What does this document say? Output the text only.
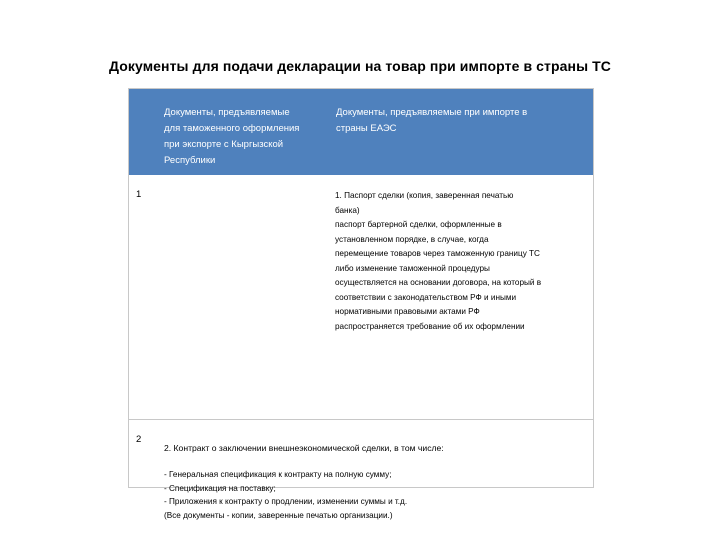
Документы для подачи декларации на товар при импорте в страны ТС
Документы, предъявляемые
для таможенного оформления
при экспорте с Кыргызской
Республики
Документы, предъявляемые при импорте в
страны ЕАЭС
1	1. Паспорт сделки (копия, заверенная печатью
банка)
паспорт бартерной сделки, оформленные в
установленном порядке, в случае, когда
перемещение товаров через таможенную границу ТС
либо изменение таможенной процедуры
осуществляется на основании договора, на который в
соответствии с законодательством РФ и иными
нормативными правовыми актами РФ
распространяется требование об их оформлении
2
2. Контракт о заключении внешнеэкономической сделки, в том числе:
- Генеральная спецификация к контракту на полную сумму;
- Спецификация на поставку;
- Приложения к контракту о продлении, изменении суммы и т.д.
(Все документы - копии, заверенные печатью организации.)
